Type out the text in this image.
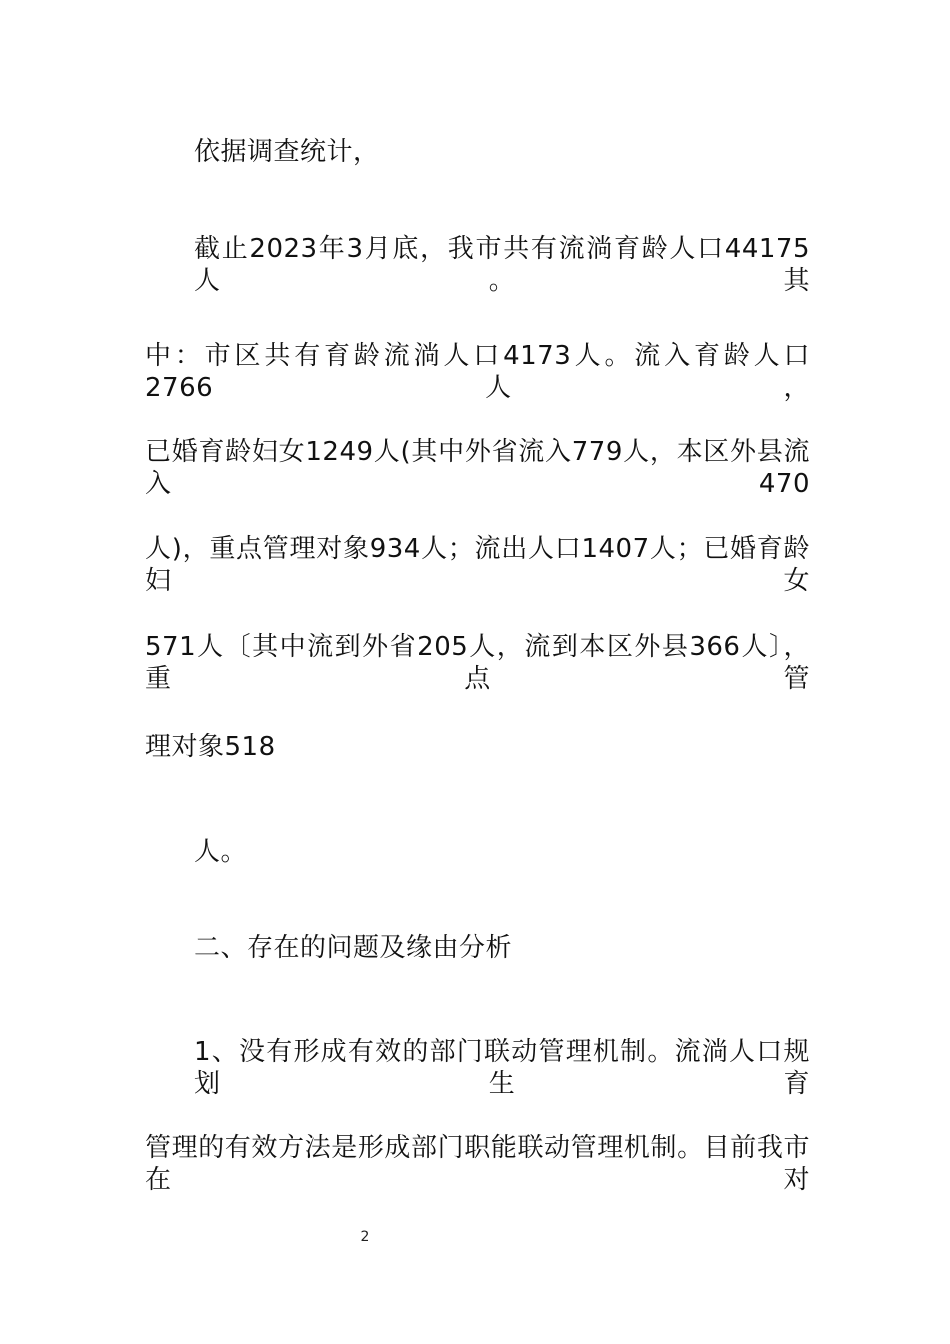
依据调查统计，
截止2023年3月底，我市共有流淌育龄人口44175人。其
中：市区共有育龄流淌人口4173人。流入育龄人口2766人，
已婚育龄妇女1249人(其中外省流入779人，本区外县流入470
人)，重点管理对象934人；流出人口1407人；已婚育龄妇女
571人〔其中流到外省205人，流到本区外县366人〕，重点管
理对象518
人。
二、存在的问题及缘由分析
1、没有形成有效的部门联动管理机制。流淌人口规划生育
管理的有效方法是形成部门职能联动管理机制。目前我市在对
2
